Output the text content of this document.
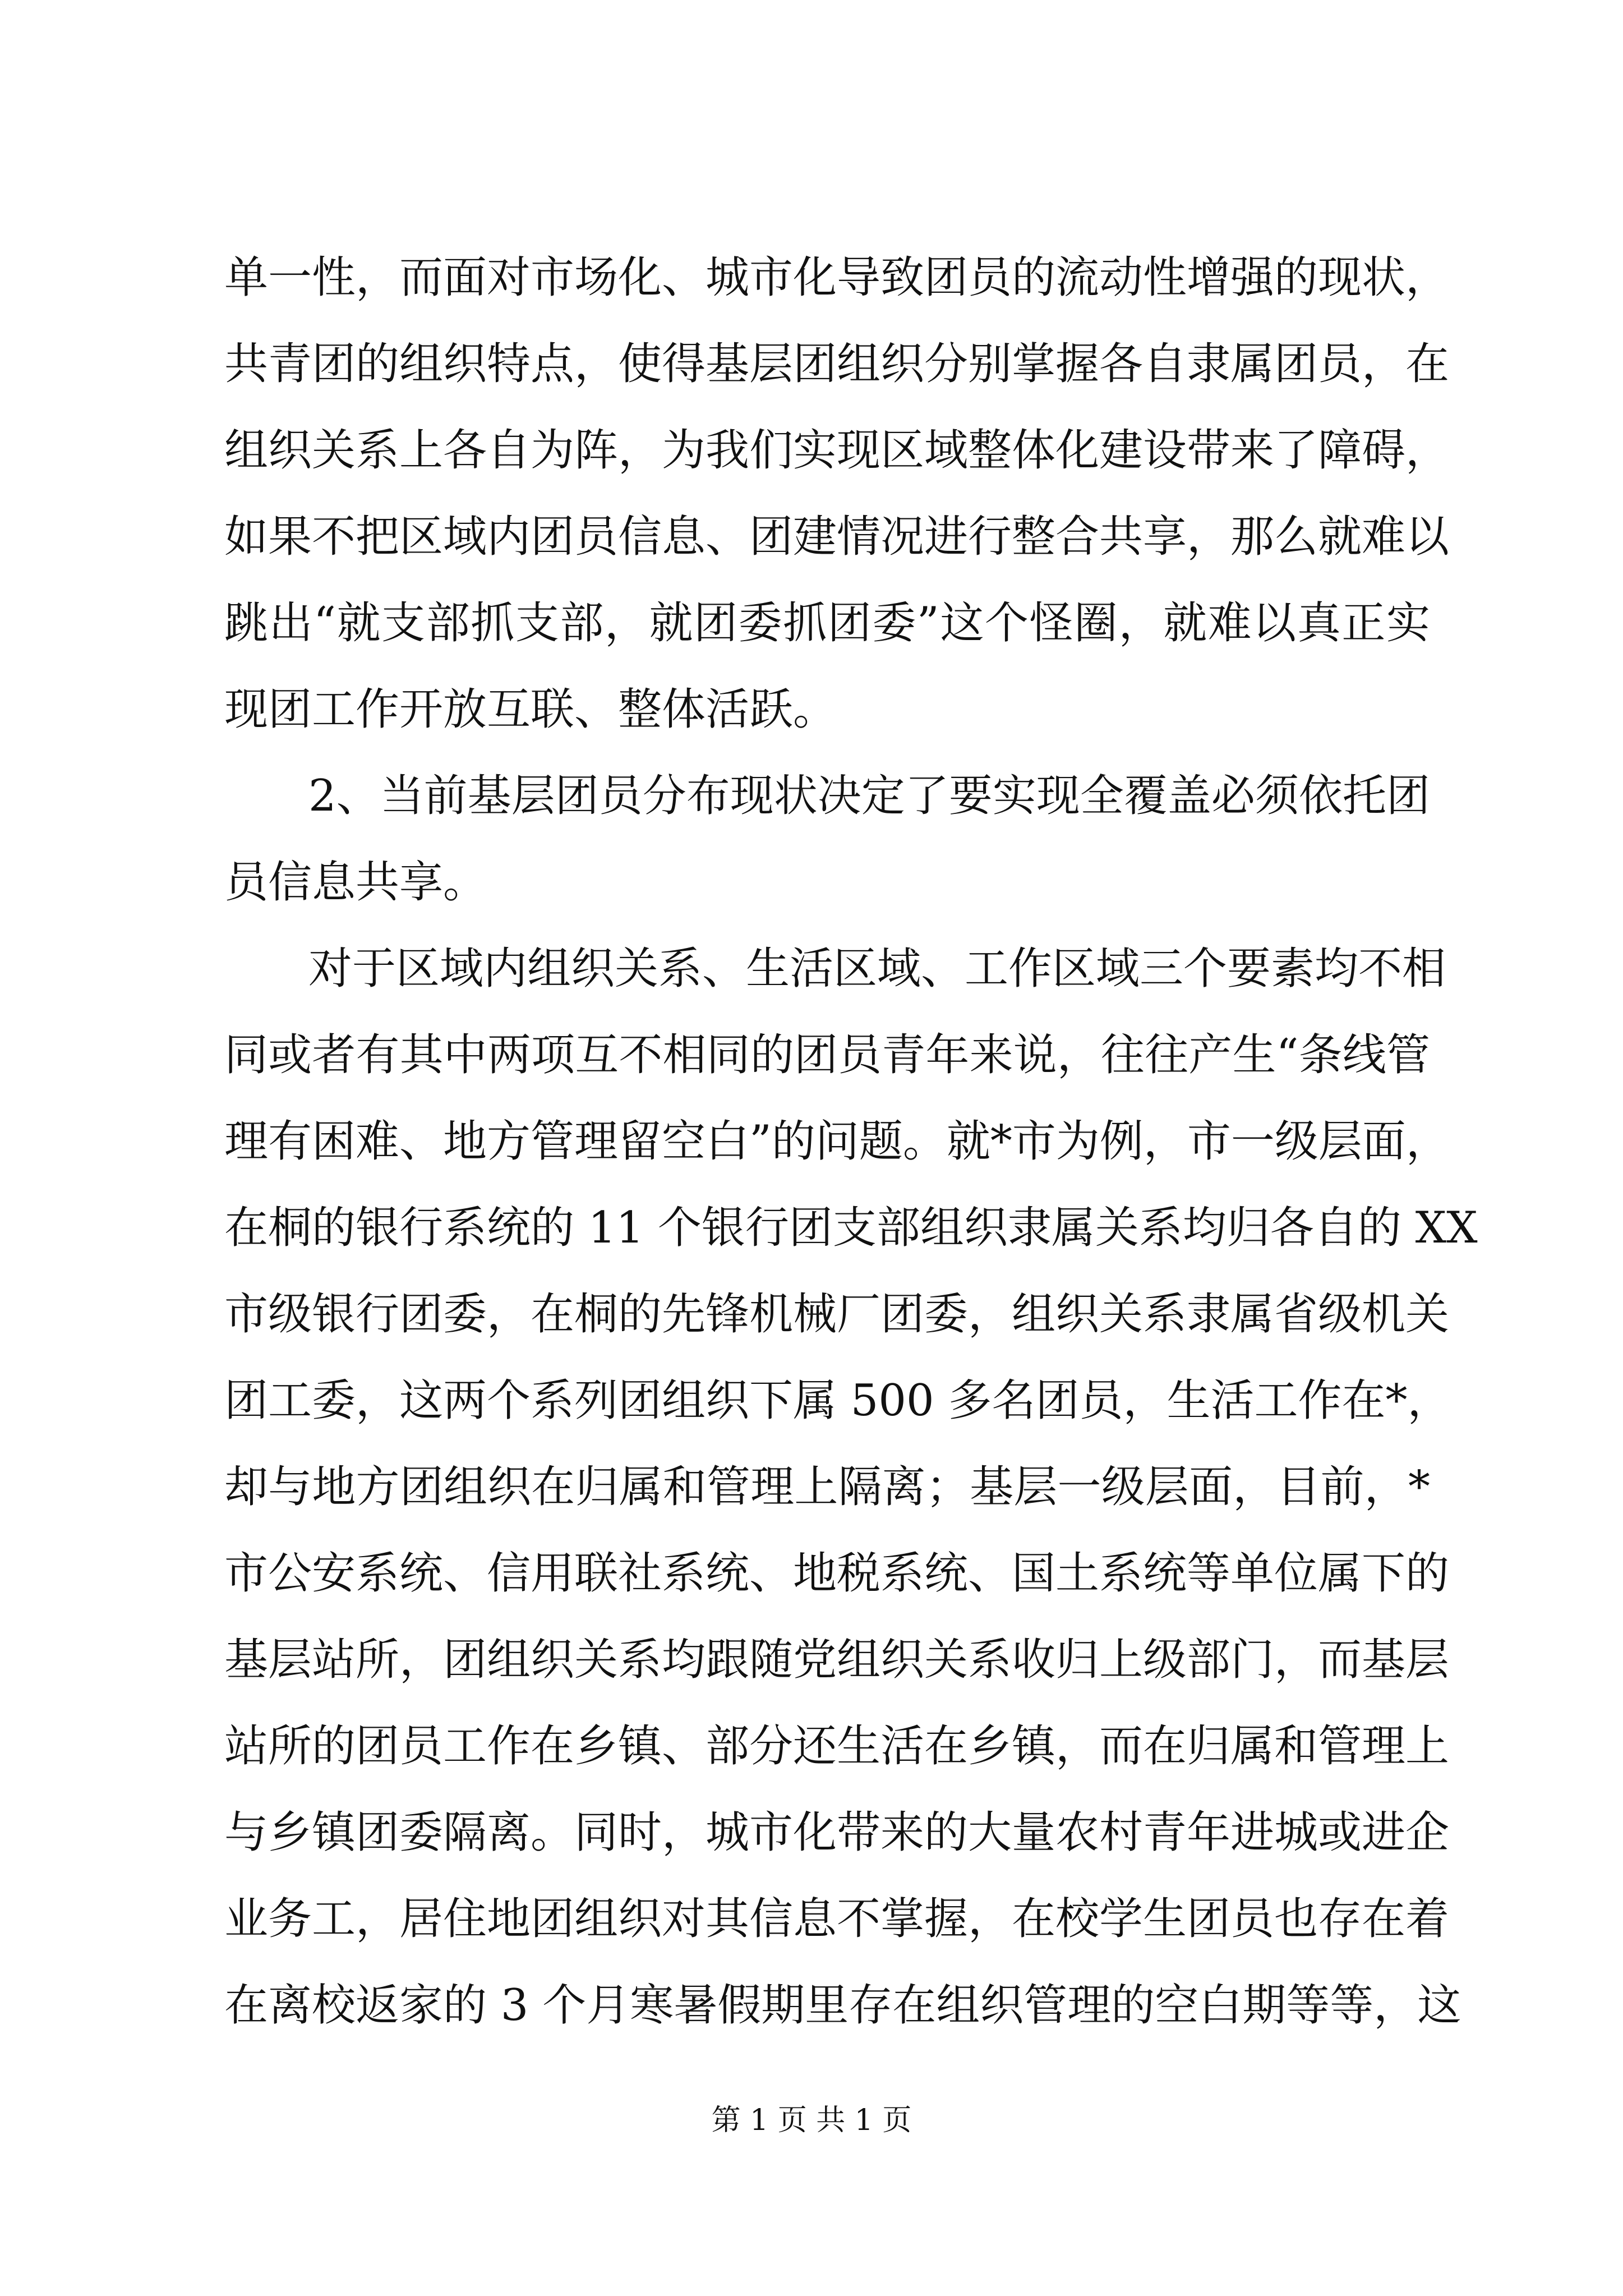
单一性，而面对市场化、城市化导致团员的流动性增强的现状，
共青团的组织特点，使得基层团组织分别掌握各自隶属团员，在
组织关系上各自为阵，为我们实现区域整体化建设带来了障碍，
如果不把区域内团员信息、团建情况进行整合共享，那么就难以
跳出“就支部抓支部，就团委抓团委”这个怪圈，就难以真正实
现团工作开放互联、整体活跃。
2、当前基层团员分布现状决定了要实现全覆盖必须依托团
员信息共享。
对于区域内组织关系、生活区域、工作区域三个要素均不相
同或者有其中两项互不相同的团员青年来说，往往产生“条线管
理有困难、地方管理留空白”的问题。就*市为例，市一级层面，
在桐的银行系统的 11 个银行团支部组织隶属关系均归各自的 XX
市级银行团委，在桐的先锋机械厂团委，组织关系隶属省级机关
团工委，这两个系列团组织下属 500 多名团员，生活工作在*，
却与地方团组织在归属和管理上隔离；基层一级层面，目前，*
市公安系统、信用联社系统、地税系统、国土系统等单位属下的
基层站所，团组织关系均跟随党组织关系收归上级部门，而基层
站所的团员工作在乡镇、部分还生活在乡镇，而在归属和管理上
与乡镇团委隔离。同时，城市化带来的大量农村青年进城或进企
业务工，居住地团组织对其信息不掌握，在校学生团员也存在着
在离校返家的 3 个月寒暑假期里存在组织管理的空白期等等，这
第 1 页 共 1 页
